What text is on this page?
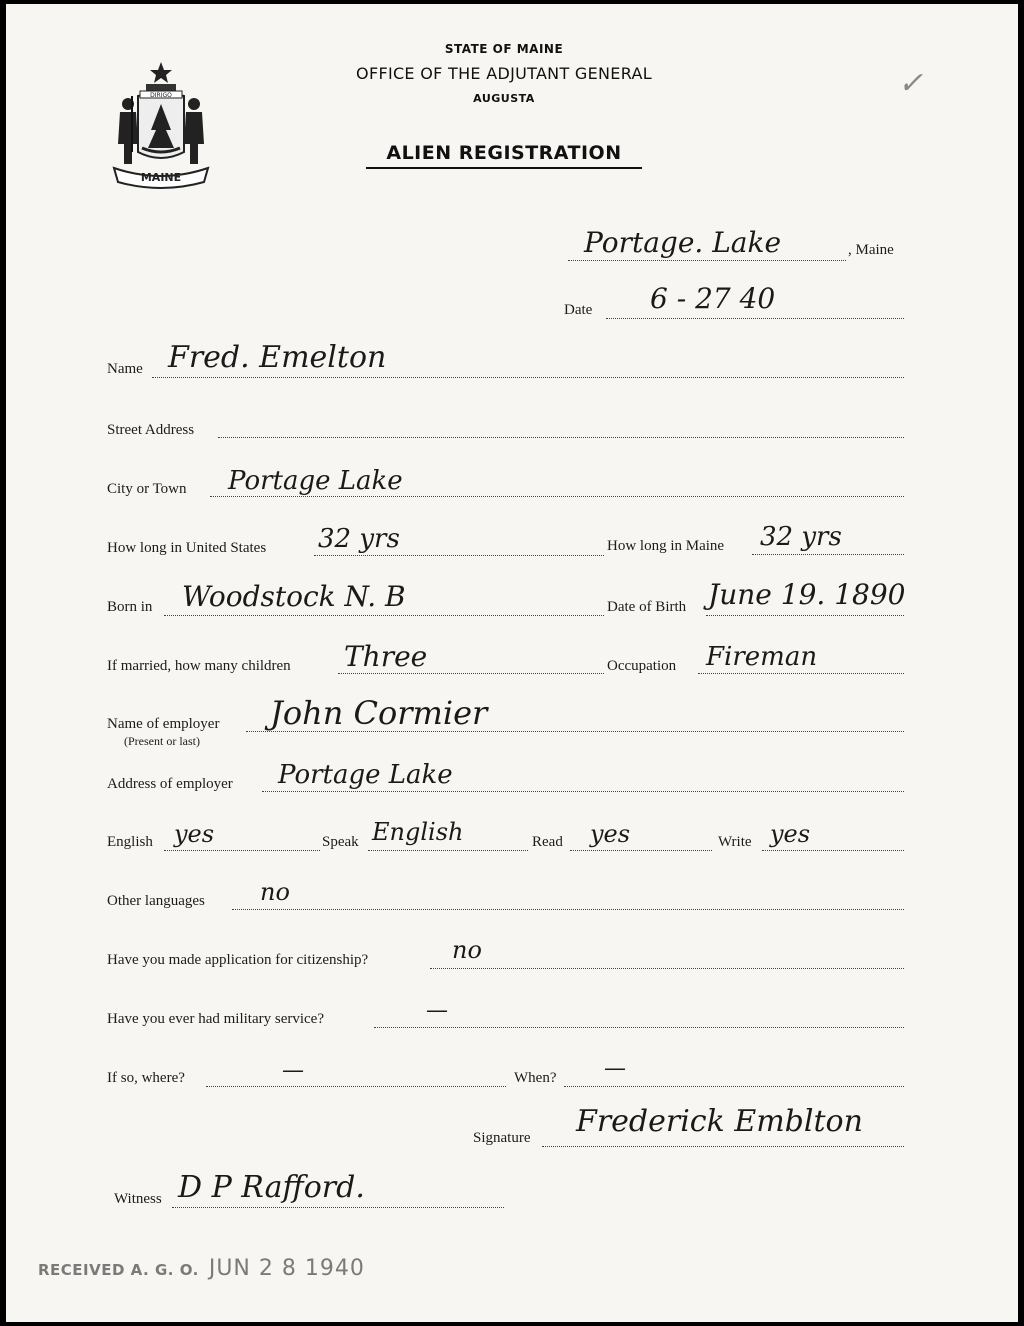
MAINE
DIRIGO
STATE OF MAINE
OFFICE OF THE ADJUTANT GENERAL
AUGUSTA
ALIEN REGISTRATION
✓
Portage. Lake	, Maine
Date 6 - 27 40
Name Fred. Emelton
Street Address
City or Town Portage Lake
How long in United States 32 yrs	How long in Maine 32 yrs
Born in Woodstock N. B	Date of Birth June 19. 1890
If married, how many children Three	Occupation Fireman
Name of employer
(Present or last)
John Cormier
Address of employer Portage Lake
English yes	Speak English	Read yes	Write yes
Other languages no
Have you made application for citizenship?	no
Have you ever had military service?	—
If so, where?	—	When? —
Signature Frederick Emblton
Witness D P Rafford.
RECEIVED A. G. O. JUN 2 8 1940
